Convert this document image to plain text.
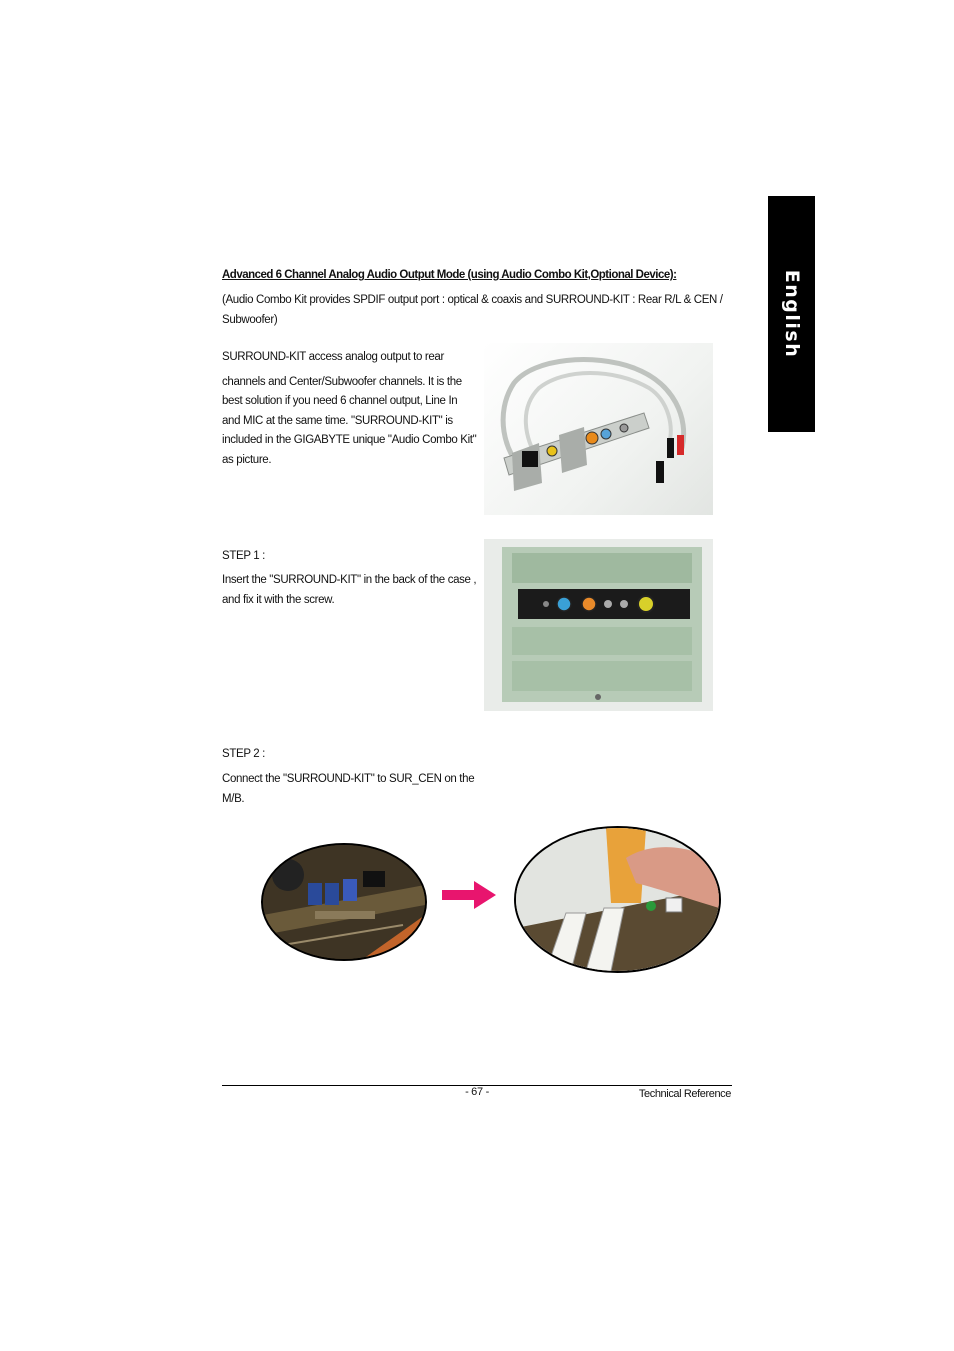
English
Advanced 6 Channel Analog Audio Output Mode (using Audio Combo Kit,Optional Device):
(Audio Combo Kit provides SPDIF output port : optical & coaxis and SURROUND-KIT : Rear R/L & CEN / Subwoofer)
SURROUND-KIT access analog output to rear
channels and Center/Subwoofer channels. It is the best solution if you need 6 channel output, Line In and MIC at the same time. "SURROUND-KIT" is included in the GIGABYTE unique "Audio Combo Kit" as picture.
STEP 1 :
Insert the "SURROUND-KIT" in the back of the case , and fix it with the screw.
STEP 2 :
Connect the "SURROUND-KIT" to SUR_CEN on the M/B.
- 67 -	Technical Reference
